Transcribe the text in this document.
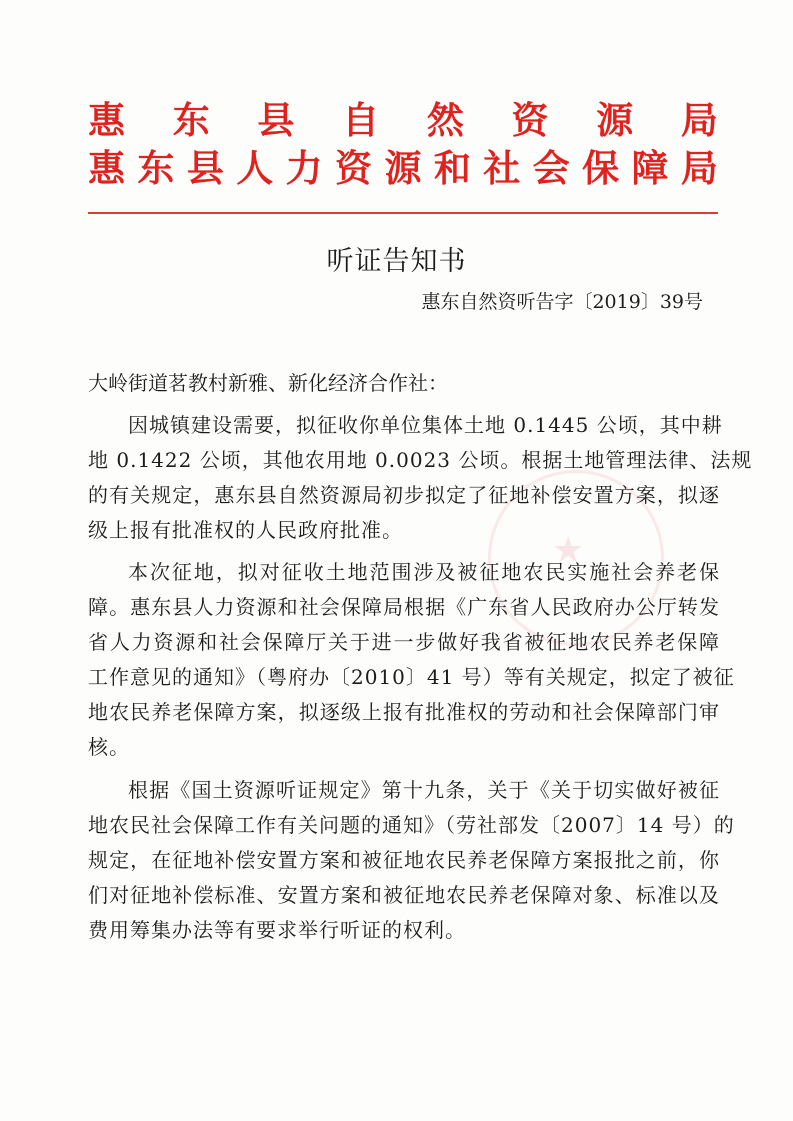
★
惠 东 县 自 然 资 源 局
惠 东 县 人 力 资 源 和 社 会 保 障 局
听证告知书
惠东自然资听告字〔2019〕39号
大岭街道茗教村新雅、新化经济合作社：
因城镇建设需要，拟征收你单位集体土地 0.1445 公顷，其中耕
地 0.1422 公顷，其他农用地 0.0023 公顷。根据土地管理法律、法规
的有关规定，惠东县自然资源局初步拟定了征地补偿安置方案，拟逐
级上报有批准权的人民政府批准。
本次征地，拟对征收土地范围涉及被征地农民实施社会养老保
障。惠东县人力资源和社会保障局根据《广东省人民政府办公厅转发
省人力资源和社会保障厅关于进一步做好我省被征地农民养老保障
工作意见的通知》（粤府办〔2010〕41 号）等有关规定，拟定了被征
地农民养老保障方案，拟逐级上报有批准权的劳动和社会保障部门审
核。
根据《国土资源听证规定》第十九条，关于《关于切实做好被征
地农民社会保障工作有关问题的通知》（劳社部发〔2007〕14 号）的
规定，在征地补偿安置方案和被征地农民养老保障方案报批之前，你
们对征地补偿标准、安置方案和被征地农民养老保障对象、标准以及
费用筹集办法等有要求举行听证的权利。
